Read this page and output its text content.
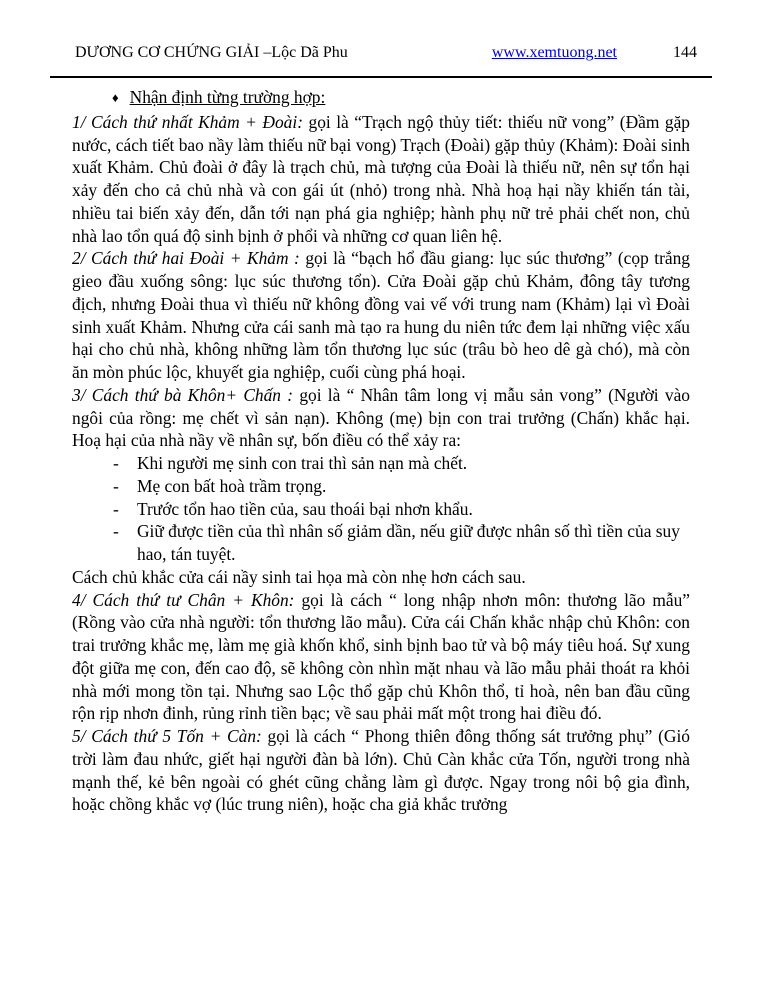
DƯƠNG CƠ CHỨNG GIẢI –Lộc Dã Phu	www.xemtuong.net	144
♦ Nhận định từng trường hợp:

1/ Cách thứ nhất Khảm + Đoài: gọi là “Trạch ngộ thủy tiết: thiếu nữ vong” (Đầm gặp nước, cách tiết bao nầy làm thiếu nữ bại vong) Trạch (Đoài) gặp thủy (Khảm): Đoài sinh xuất Khảm. Chủ đoài ở đây là trạch chủ, mà tượng của Đoài là thiếu nữ, nên sự tổn hại xảy đến cho cả chủ nhà và con gái út (nhỏ) trong nhà. Nhà hoạ hại nầy khiến tán tài, nhiều tai biến xảy đến, dẫn tới nạn phá gia nghiệp; hành phụ nữ trẻ phải chết non, chủ nhà lao tổn quá độ sinh bịnh ở phổi và những cơ quan liên hệ.

2/ Cách thứ hai Đoài + Khảm : gọi là “bạch hổ đầu giang: lục súc thương” (cọp trắng gieo đầu xuống sông: lục súc thương tổn). Cửa Đoài gặp chủ Khảm, đông tây tương địch, nhưng Đoài thua vì thiếu nữ không đồng vai vế với trung nam (Khảm) lại vì Đoài sinh xuất Khảm. Nhưng cửa cái sanh mà tạo ra hung du niên tức đem lại những việc xấu hại cho chủ nhà, không những làm tổn thương lục súc (trâu bò heo dê gà chó), mà còn ăn mòn phúc lộc, khuyết gia nghiệp, cuối cùng phá hoại.

3/ Cách thứ bà Khôn+ Chấn : gọi là “ Nhân tâm long vị mẫu sản vong” (Người vào ngôi của rồng: mẹ chết vì sản nạn). Không (mẹ) bịn con trai trưởng (Chấn) khắc hại. Hoạ hại của nhà nầy về nhân sự, bốn điều có thể xảy ra:

- Khi người mẹ sinh con trai thì sản nạn mà chết.
- Mẹ con bất hoà trầm trọng.
- Trước tổn hao tiền của, sau thoái bại nhơn khẩu.
- Giữ được tiền của thì nhân số giảm dần, nếu giữ được nhân số thì tiền của suy hao, tán tuyệt.

Cách chủ khắc cửa cái nầy sinh tai họa mà còn nhẹ hơn cách sau.

4/ Cách thứ tư Chân + Khôn: gọi là cách “ long nhập nhơn môn: thương lão mẫu” (Rồng vào cửa nhà người: tổn thương lão mẫu). Cửa cái Chấn khắc nhập chủ Khôn: con trai trưởng khắc mẹ, làm mẹ già khốn khổ, sinh bịnh bao tử và bộ máy tiêu hoá. Sự xung đột giữa mẹ con, đến cao độ, sẽ không còn nhìn mặt nhau và lão mẫu phải thoát ra khỏi nhà mới mong tồn tại. Nhưng sao Lộc thổ gặp chủ Khôn thổ, tỉ hoà, nên ban đầu cũng rộn rịp nhơn đinh, rủng rỉnh tiền bạc; về sau phải mất một trong hai điều đó.

5/ Cách thứ 5 Tốn + Càn: gọi là cách “ Phong thiên đông thống sát trưởng phụ” (Gió trời làm đau nhức, giết hại người đàn bà lớn). Chủ Càn khắc cửa Tốn, người trong nhà mạnh thế, kẻ bên ngoài có ghét cũng chẳng làm gì được. Ngay trong nôi bộ gia đình, hoặc chồng khắc vợ (lúc trung niên), hoặc cha giả khắc trưởng
